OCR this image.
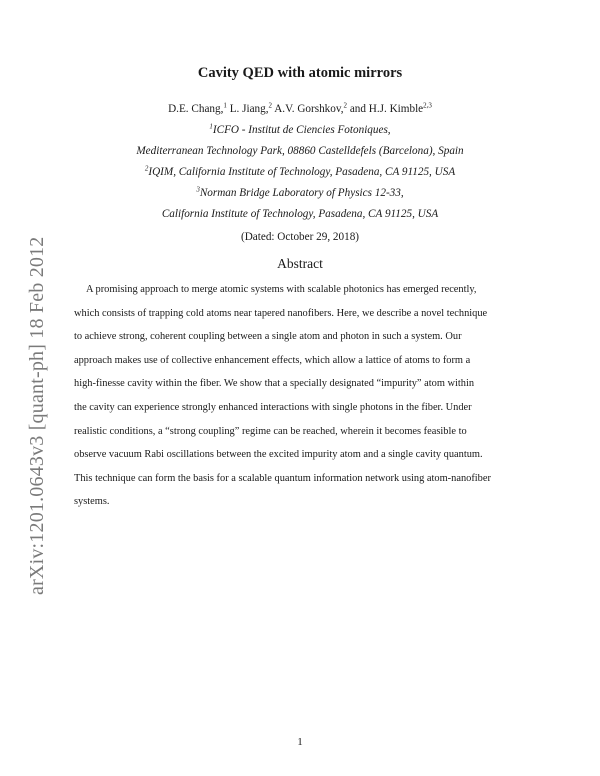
arXiv:1201.0643v3 [quant-ph] 18 Feb 2012
Cavity QED with atomic mirrors
D.E. Chang,$^1$ L. Jiang,$^2$ A.V. Gorshkov,$^2$ and H.J. Kimble$^{2,3}$
$^1$ICFO - Institut de Ciencies Fotoniques,
Mediterranean Technology Park, 08860 Castelldefels (Barcelona), Spain
$^2$IQIM, California Institute of Technology, Pasadena, CA 91125, USA
$^3$Norman Bridge Laboratory of Physics 12-33,
California Institute of Technology, Pasadena, CA 91125, USA
(Dated: October 29, 2018)
Abstract
A promising approach to merge atomic systems with scalable photonics has emerged recently,
which consists of trapping cold atoms near tapered nanofibers. Here, we describe a novel technique
to achieve strong, coherent coupling between a single atom and photon in such a system. Our
approach makes use of collective enhancement effects, which allow a lattice of atoms to form a
high-finesse cavity within the fiber. We show that a specially designated “impurity” atom within
the cavity can experience strongly enhanced interactions with single photons in the fiber. Under
realistic conditions, a “strong coupling” regime can be reached, wherein it becomes feasible to
observe vacuum Rabi oscillations between the excited impurity atom and a single cavity quantum.
This technique can form the basis for a scalable quantum information network using atom-nanofiber
systems.
1
